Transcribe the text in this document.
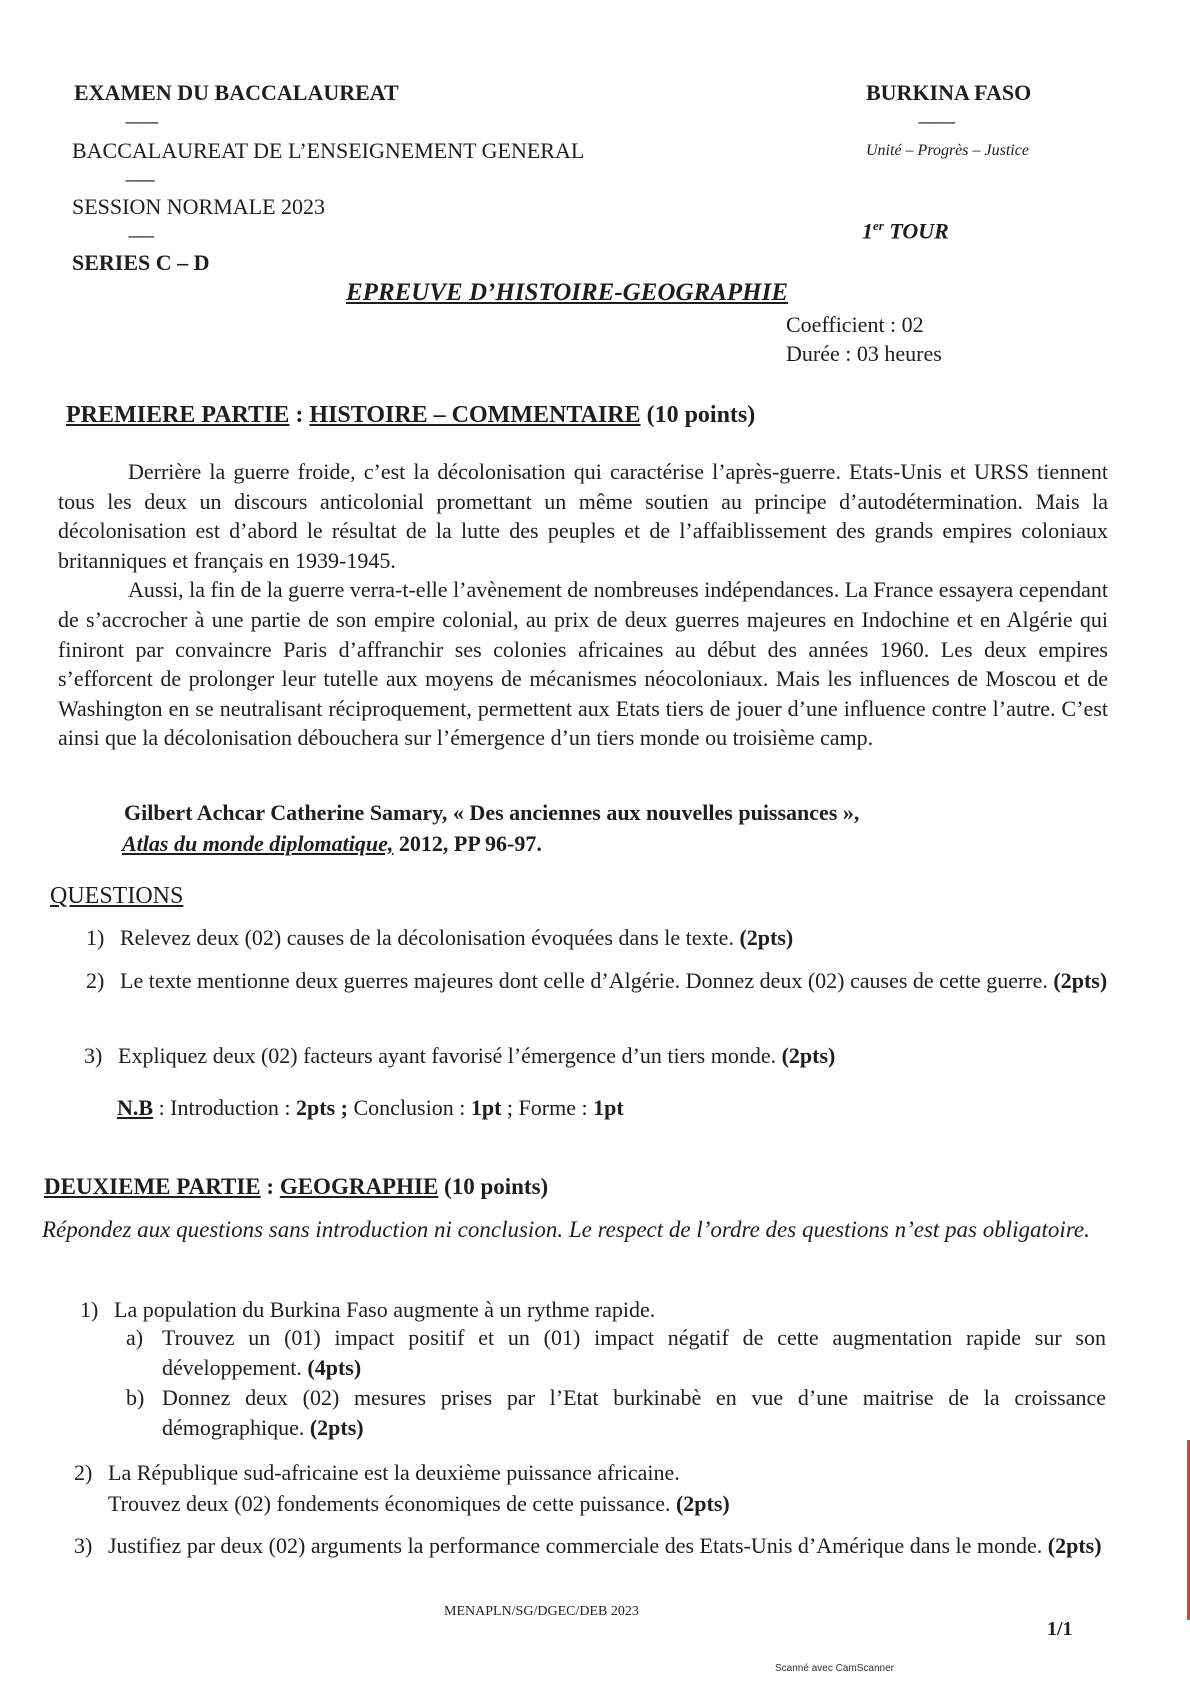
EXAMEN DU BACCALAUREAT
---------
BACCALAUREAT DE L’ENSEIGNEMENT GENERAL
--------
SESSION NORMALE 2023
-------
SERIES C – D
BURKINA FASO
----------
Unité – Progrès – Justice
1er TOUR
EPREUVE D’HISTOIRE-GEOGRAPHIE
Coefficient : 02
Durée : 03 heures
PREMIERE PARTIE : HISTOIRE – COMMENTAIRE (10 points)

Derrière la guerre froide, c’est la décolonisation qui caractérise l’après-guerre. Etats-Unis et URSS tiennent tous les deux un discours anticolonial promettant un même soutien au principe d’autodétermination. Mais la décolonisation est d’abord le résultat de la lutte des peuples et de l’affaiblissement des grands empires coloniaux britanniques et français en 1939-1945.

Aussi, la fin de la guerre verra-t-elle l’avènement de nombreuses indépendances. La France essayera cependant de s’accrocher à une partie de son empire colonial, au prix de deux guerres majeures en Indochine et en Algérie qui finiront par convaincre Paris d’affranchir ses colonies africaines au début des années 1960. Les deux empires s’efforcent de prolonger leur tutelle aux moyens de mécanismes néocoloniaux. Mais les influences de Moscou et de Washington en se neutralisant réciproquement, permettent aux Etats tiers de jouer d’une influence contre l’autre. C’est ainsi que la décolonisation débouchera sur l’émergence d’un tiers monde ou troisième camp.

Gilbert Achcar Catherine Samary, « Des anciennes aux nouvelles puissances »,
Atlas du monde diplomatique, 2012, PP 96-97.
QUESTIONS
1) Relevez deux (02) causes de la décolonisation évoquées dans le texte. (2pts)
2) Le texte mentionne deux guerres majeures dont celle d’Algérie. Donnez deux (02) causes de cette guerre. (2pts)
3) Expliquez deux (02) facteurs ayant favorisé l’émergence d’un tiers monde. (2pts)
N.B : Introduction : 2pts ; Conclusion : 1pt ; Forme : 1pt
DEUXIEME PARTIE : GEOGRAPHIE (10 points)
Répondez aux questions sans introduction ni conclusion. Le respect de l’ordre des questions n’est pas obligatoire.
1) La population du Burkina Faso augmente à un rythme rapide.
a) Trouvez un (01) impact positif et un (01) impact négatif de cette augmentation rapide sur son développement. (4pts)
b) Donnez deux (02) mesures prises par l’Etat burkinabè en vue d’une maitrise de la croissance démographique. (2pts)
2) La République sud-africaine est la deuxième puissance africaine.
Trouvez deux (02) fondements économiques de cette puissance. (2pts)
3) Justifiez par deux (02) arguments la performance commerciale des Etats-Unis d’Amérique dans le monde. (2pts)
MENAPLN/SG/DGEC/DEB 2023
1/1
Scanné avec CamScanner
